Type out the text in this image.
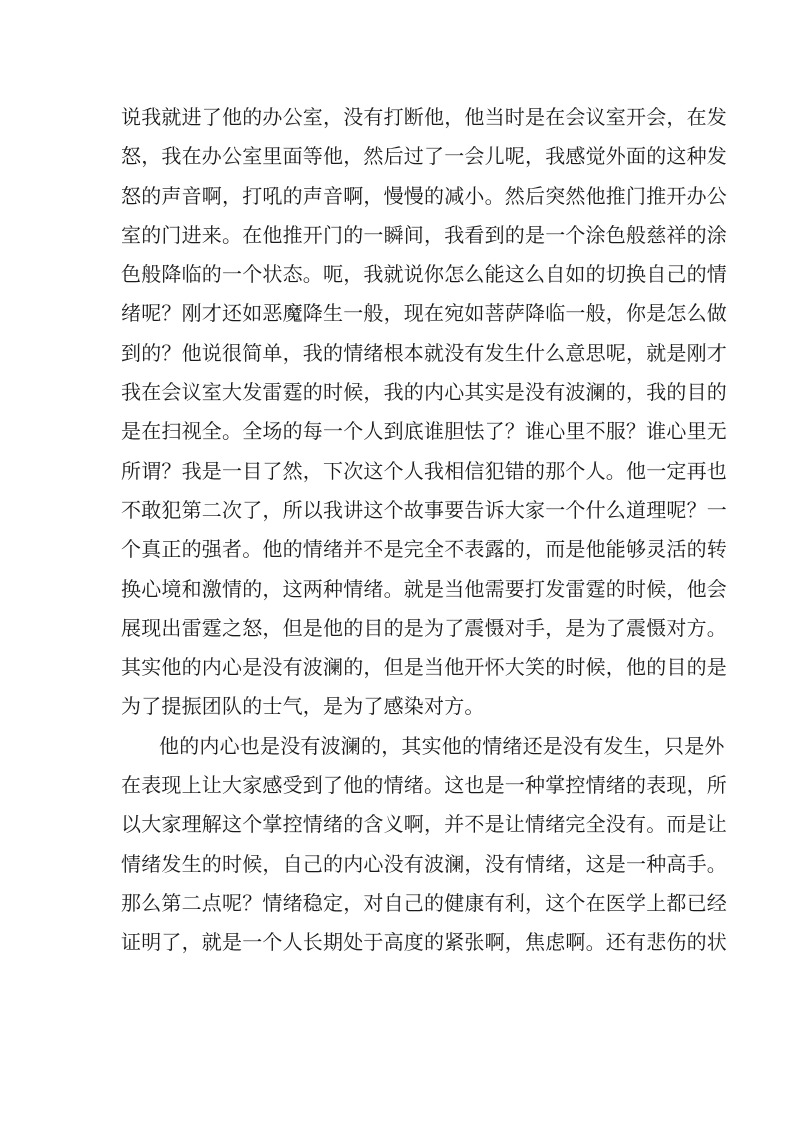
说我就进了他的办公室，没有打断他，他当时是在会议室开会，在发
怒，我在办公室里面等他，然后过了一会儿呢，我感觉外面的这种发
怒的声音啊，打吼的声音啊，慢慢的减小。然后突然他推门推开办公
室的门进来。在他推开门的一瞬间，我看到的是一个涂色般慈祥的涂
色般降临的一个状态。呃，我就说你怎么能这么自如的切换自己的情
绪呢？刚才还如恶魔降生一般，现在宛如菩萨降临一般，你是怎么做
到的？他说很简单，我的情绪根本就没有发生什么意思呢，就是刚才
我在会议室大发雷霆的时候，我的内心其实是没有波澜的，我的目的
是在扫视全。全场的每一个人到底谁胆怯了？谁心里不服？谁心里无
所谓？我是一目了然，下次这个人我相信犯错的那个人。他一定再也
不敢犯第二次了，所以我讲这个故事要告诉大家一个什么道理呢？一
个真正的强者。他的情绪并不是完全不表露的，而是他能够灵活的转
换心境和激情的，这两种情绪。就是当他需要打发雷霆的时候，他会
展现出雷霆之怒，但是他的目的是为了震慑对手，是为了震慑对方。
其实他的内心是没有波澜的，但是当他开怀大笑的时候，他的目的是
为了提振团队的士气，是为了感染对方。
他的内心也是没有波澜的，其实他的情绪还是没有发生，只是外
在表现上让大家感受到了他的情绪。这也是一种掌控情绪的表现，所
以大家理解这个掌控情绪的含义啊，并不是让情绪完全没有。而是让
情绪发生的时候，自己的内心没有波澜，没有情绪，这是一种高手。
那么第二点呢？情绪稳定，对自己的健康有利，这个在医学上都已经
证明了，就是一个人长期处于高度的紧张啊，焦虑啊。还有悲伤的状
